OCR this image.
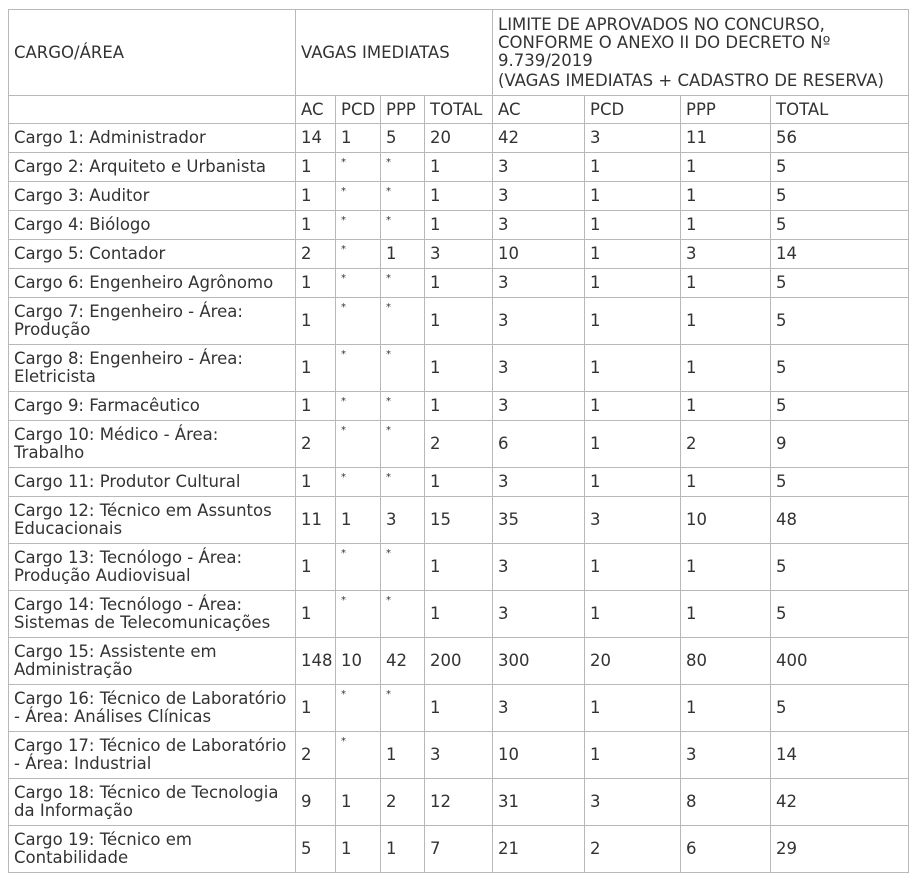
CARGO/ÁREA	VAGAS IMEDIATAS				LIMITE DE APROVADOS NO CONCURSO,
CONFORME O ANEXO II DO DECRETO Nº
9.739/2019
(VAGAS IMEDIATAS + CADASTRO DE RESERVA)			

	AC	PCD	PPP	TOTAL	AC	PCD	PPP	TOTAL
Cargo 1: Administrador	14	1	5	20	42	3	11	56
Cargo 2: Arquiteto e Urbanista	1	*	*	1	3	1	1	5
Cargo 3: Auditor	1	*	*	1	3	1	1	5
Cargo 4: Biólogo	1	*	*	1	3	1	1	5
Cargo 5: Contador	2	*	1	3	10	1	3	14
Cargo 6: Engenheiro Agrônomo	1	*	*	1	3	1	1	5
Cargo 7: Engenheiro - Área: Produção	1	*	*	1	3	1	1	5
Cargo 8: Engenheiro - Área: Eletricista	1	*	*	1	3	1	1	5
Cargo 9: Farmacêutico	1	*	*	1	3	1	1	5
Cargo 10: Médico - Área: Trabalho	2	*	*	2	6	1	2	9
Cargo 11: Produtor Cultural	1	*	*	1	3	1	1	5
Cargo 12: Técnico em Assuntos Educacionais	11	1	3	15	35	3	10	48
Cargo 13: Tecnólogo - Área: Produção Audiovisual	1	*	*	1	3	1	1	5
Cargo 14: Tecnólogo - Área: Sistemas de Telecomunicações	1	*	*	1	3	1	1	5
Cargo 15: Assistente em Administração	148	10	42	200	300	20	80	400
Cargo 16: Técnico de Laboratório - Área: Análises Clínicas	1	*	*	1	3	1	1	5
Cargo 17: Técnico de Laboratório - Área: Industrial	2	*	1	3	10	1	3	14
Cargo 18: Técnico de Tecnologia da Informação	9	1	2	12	31	3	8	42
Cargo 19: Técnico em Contabilidade	5	1	1	7	21	2	6	29
